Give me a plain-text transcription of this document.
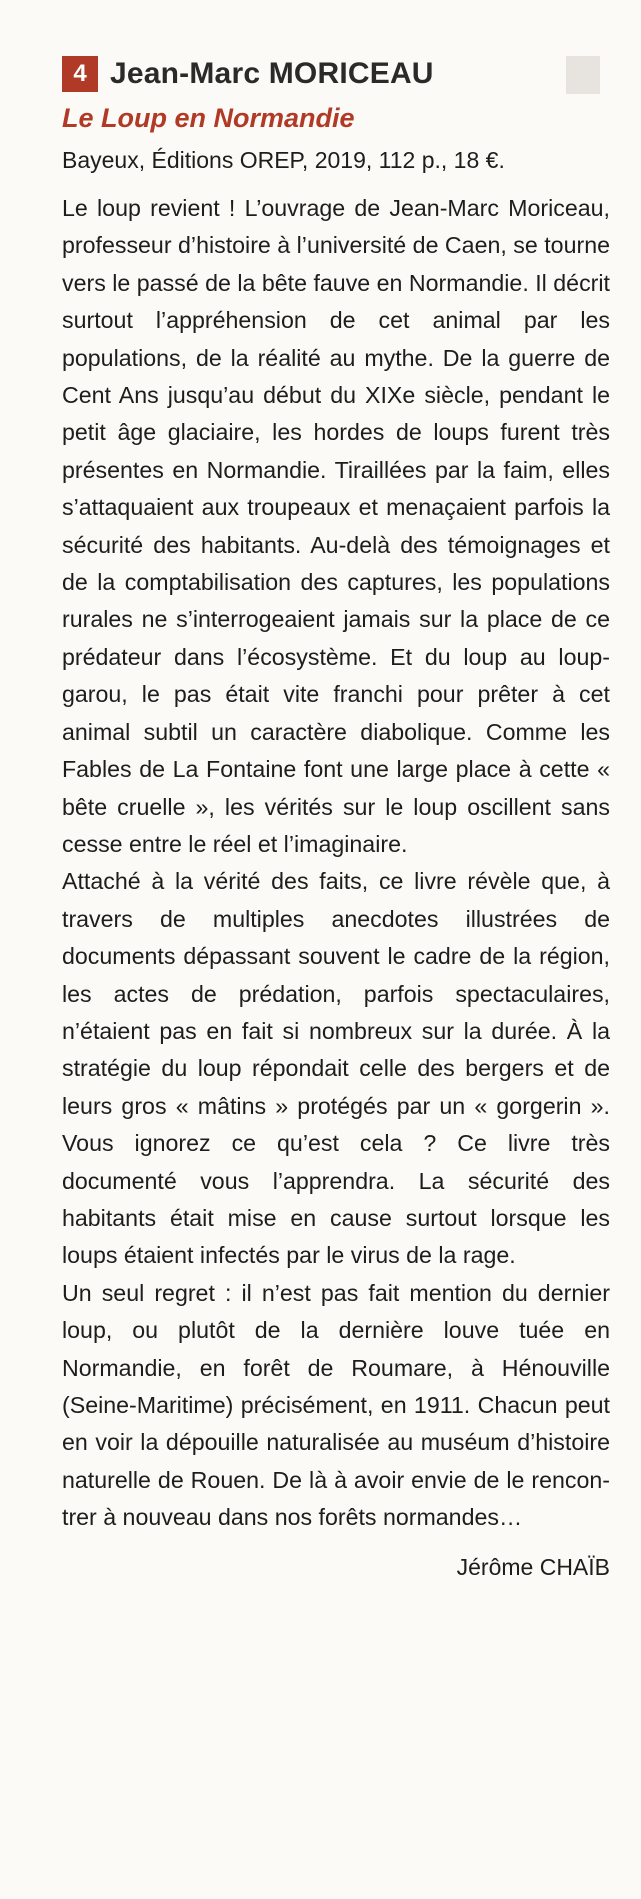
4 Jean-Marc MORICEAU
Le Loup en Normandie
Bayeux, Éditions OREP, 2019, 112 p., 18 €.

Le loup revient ! L’ouvrage de Jean-Marc Moriceau, professeur d’histoire à l’université de Caen, se tourne vers le passé de la bête fauve en Normandie. Il décrit surtout l’appréhension de cet animal par les populations, de la réalité au mythe. De la guerre de Cent Ans jusqu’au début du XIXe siècle, pendant le petit âge glaciaire, les hordes de loups furent très présentes en Normandie. Tiraillées par la faim, elles s’attaquaient aux troupeaux et menaçaient parfois la sécurité des habitants. Au-delà des témoignages et de la comptabilisation des captures, les populations rurales ne s’interrogeaient jamais sur la place de ce prédateur dans l’écosystème. Et du loup au loup-garou, le pas était vite franchi pour prêter à cet animal subtil un caractère diabolique. Comme les Fables de La Fontaine font une large place à cette « bête cruelle », les vérités sur le loup oscillent sans cesse entre le réel et l’imaginaire.

Attaché à la vérité des faits, ce livre révèle que, à travers de multiples anecdotes illustrées de documents dépassant souvent le cadre de la région, les actes de prédation, parfois spectaculaires, n’étaient pas en fait si nombreux sur la durée. À la stratégie du loup répondait celle des bergers et de leurs gros « mâtins » protégés par un « gorgerin ». Vous ignorez ce qu’est cela ? Ce livre très documenté vous l’apprendra. La sécurité des habitants était mise en cause surtout lorsque les loups étaient infectés par le virus de la rage.

Un seul regret : il n’est pas fait mention du dernier loup, ou plutôt de la dernière louve tuée en Normandie, en forêt de Roumare, à Hénouville (Seine-Maritime) précisément, en 1911. Chacun peut en voir la dépouille naturalisée au muséum d’histoire naturelle de Rouen. De là à avoir envie de le rencontrer à nouveau dans nos forêts normandes…

Jérôme CHAÏB
